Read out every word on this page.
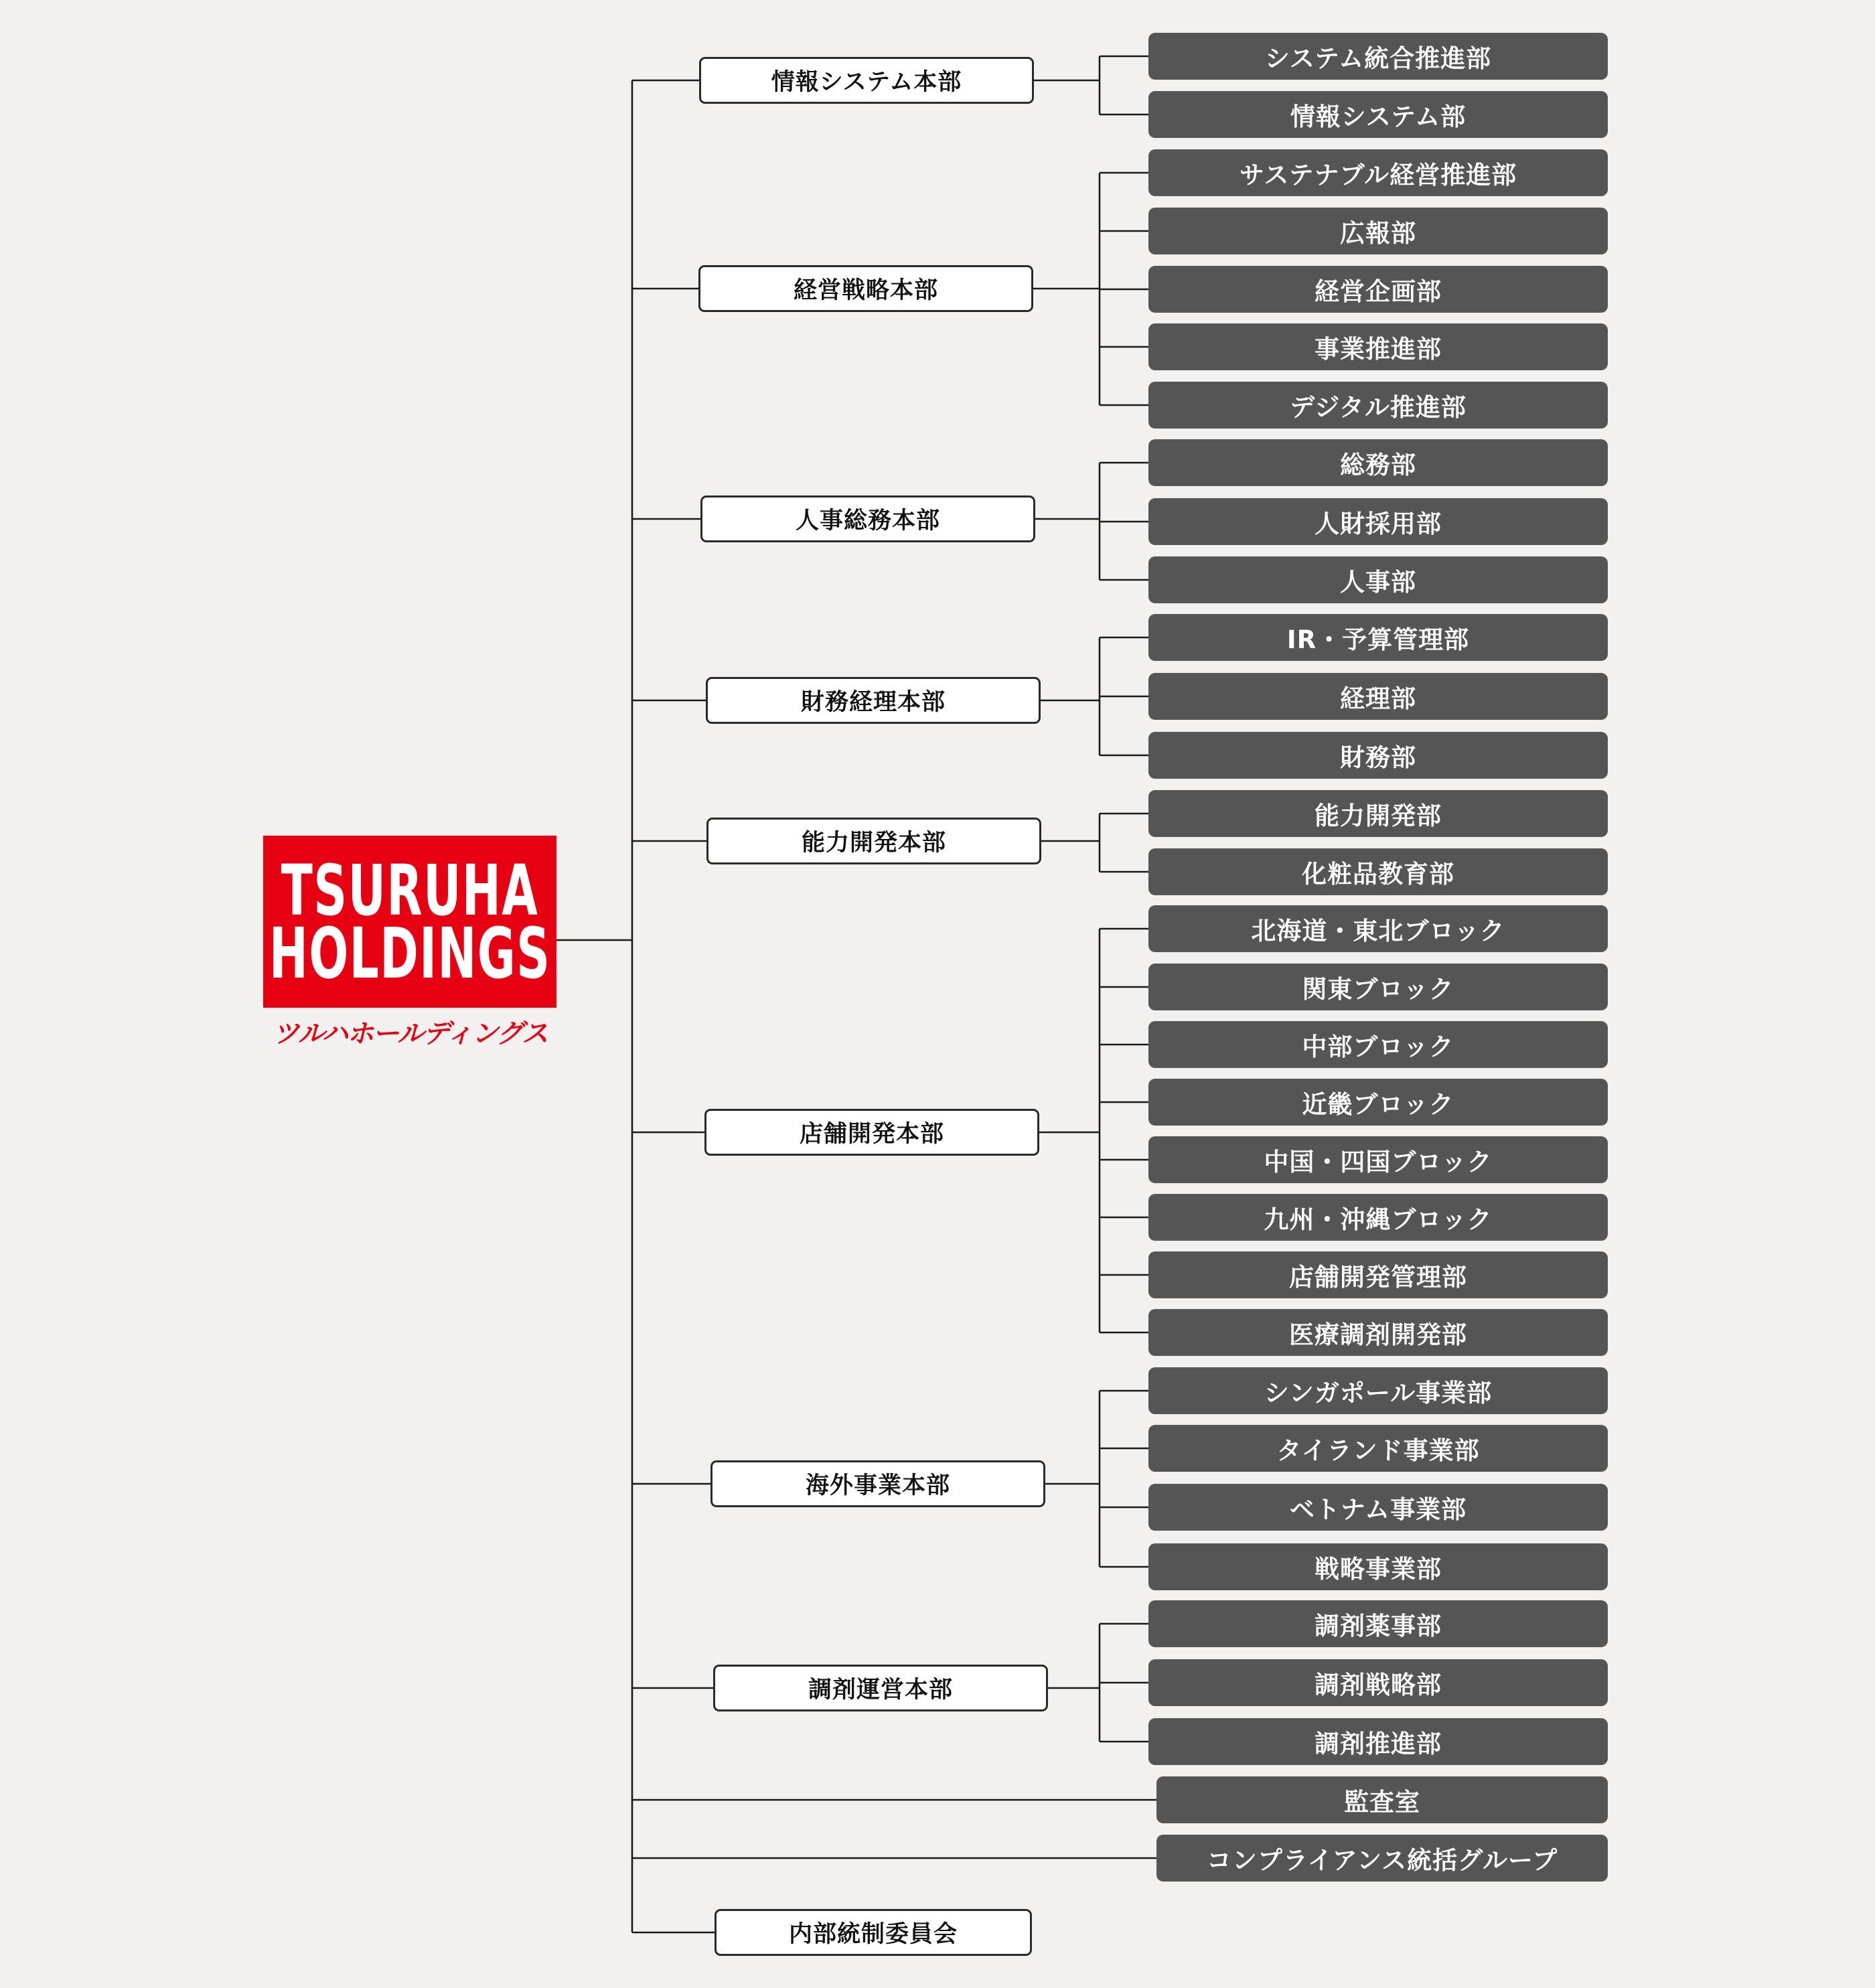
情報システム本部
システム統合推進部
情報システム部
経営戦略本部
サステナブル経営推進部
広報部
経営企画部
事業推進部
デジタル推進部
人事総務本部
総務部
人財採用部
人事部
財務経理本部
IR・予算管理部
経理部
財務部
能力開発本部
能力開発部
化粧品教育部
店舗開発本部
北海道・東北ブロック
関東ブロック
中部ブロック
近畿ブロック
中国・四国ブロック
九州・沖縄ブロック
店舗開発管理部
医療調剤開発部
海外事業本部
シンガポール事業部
タイランド事業部
ベトナム事業部
戦略事業部
調剤運営本部
調剤薬事部
調剤戦略部
調剤推進部
監査室
コンプライアンス統括グループ
内部統制委員会
TSURUHA
HOLDINGS
ツルハホールディングス
